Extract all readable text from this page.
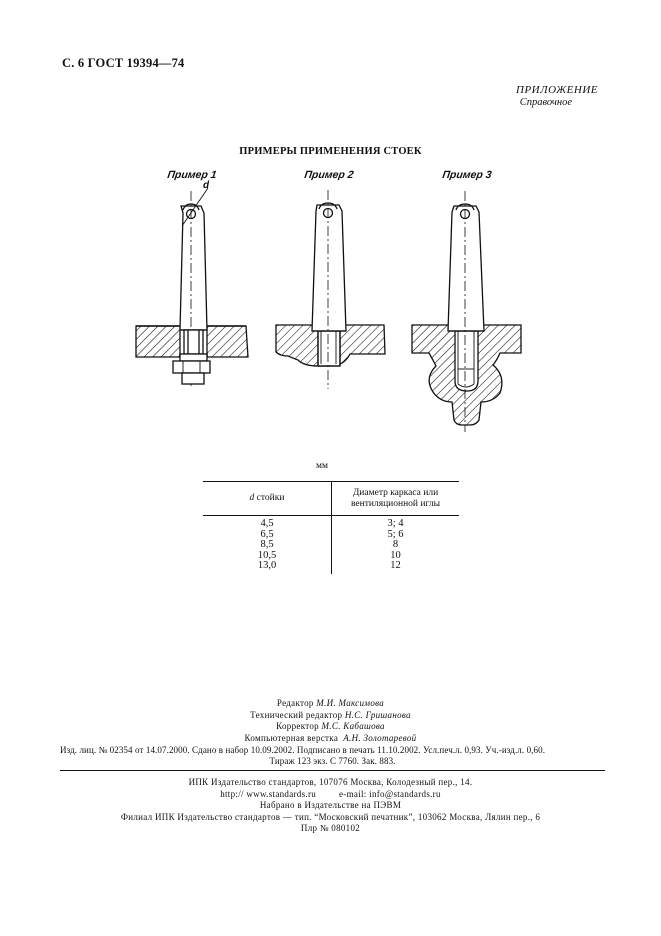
С. 6 ГОСТ 19394—74
ПРИЛОЖЕНИЕ
Справочное
ПРИМЕРЫ ПРИМЕНЕНИЯ СТОЕК
Пример 1	Пример 2	Пример 3
d
мм
d стойки	Диаметр каркаса или
вентиляционной иглы
4,5	3; 4
6,5	5; 6
8,5	8
10,5	10
13,0	12
Редактор М.И. Максимова
Технический редактор Н.С. Гришанова
Корректор М.С. Кабашова
Компьютерная верстка А.Н. Золотаревой
Изд. лиц. № 02354 от 14.07.2000. Сдано в набор 10.09.2002. Подписано в печать 11.10.2002. Усл.печ.л. 0,93. Уч.-изд.л. 0,60.
Тираж 123 экз. С 7760. Зак. 883.
ИПК Издательство стандартов, 107076 Москва, Колодезный пер., 14.
http:// www.standards.ru	e-mail: info@standards.ru
Набрано в Издательстве на ПЭВМ
Филиал ИПК Издательство стандартов — тип. “Московский печатник”, 103062 Москва, Лялин пер., 6
Плр № 080102
